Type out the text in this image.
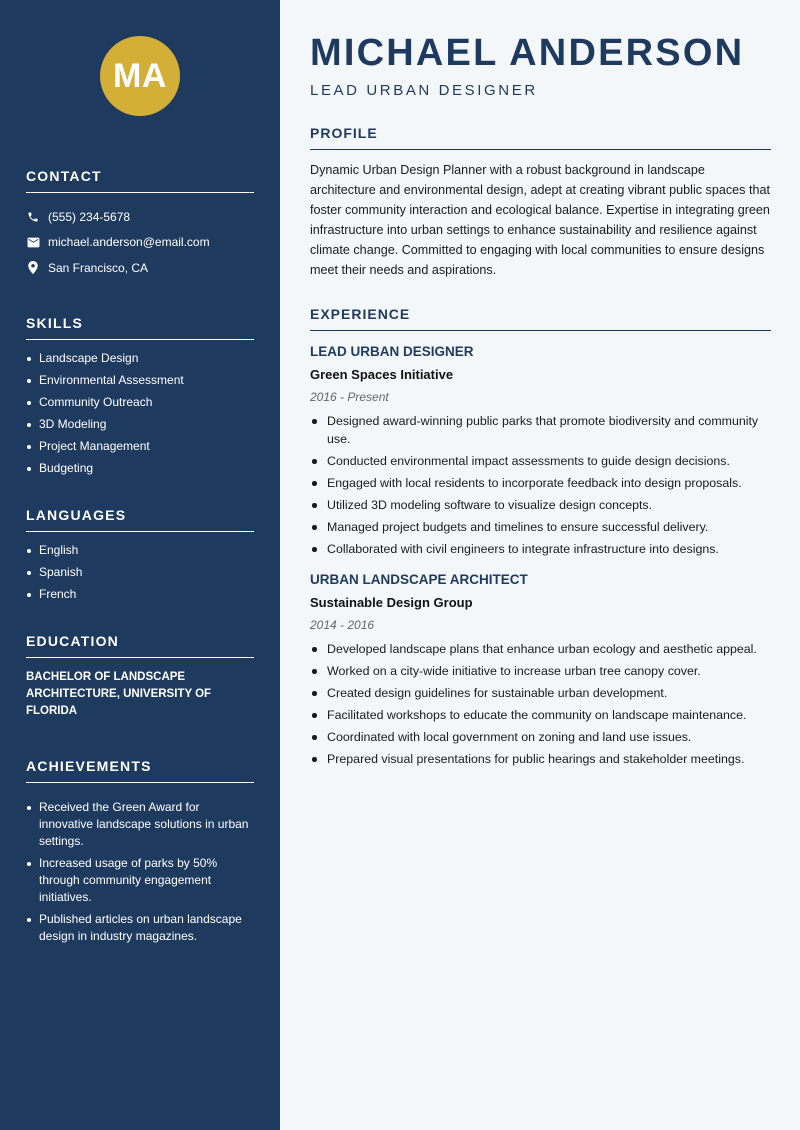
MA
CONTACT
(555) 234-5678
michael.anderson@email.com
San Francisco, CA
SKILLS
Landscape Design
Environmental Assessment
Community Outreach
3D Modeling
Project Management
Budgeting
LANGUAGES
English
Spanish
French
EDUCATION

BACHELOR OF LANDSCAPE ARCHITECTURE, UNIVERSITY OF FLORIDA

ACHIEVEMENTS
Received the Green Award for innovative landscape solutions in urban settings.
Increased usage of parks by 50% through community engagement initiatives.
Published articles on urban landscape design in industry magazines.
MICHAEL ANDERSON
LEAD URBAN DESIGNER
PROFILE

Dynamic Urban Design Planner with a robust background in landscape architecture and environmental design, adept at creating vibrant public spaces that foster community interaction and ecological balance. Expertise in integrating green infrastructure into urban settings to enhance sustainability and resilience against climate change. Committed to engaging with local communities to ensure designs meet their needs and aspirations.

EXPERIENCE
LEAD URBAN DESIGNER
Green Spaces Initiative
2016 - Present
Designed award-winning public parks that promote biodiversity and community use.
Conducted environmental impact assessments to guide design decisions.
Engaged with local residents to incorporate feedback into design proposals.
Utilized 3D modeling software to visualize design concepts.
Managed project budgets and timelines to ensure successful delivery.
Collaborated with civil engineers to integrate infrastructure into designs.
URBAN LANDSCAPE ARCHITECT
Sustainable Design Group
2014 - 2016
Developed landscape plans that enhance urban ecology and aesthetic appeal.
Worked on a city-wide initiative to increase urban tree canopy cover.
Created design guidelines for sustainable urban development.
Facilitated workshops to educate the community on landscape maintenance.
Coordinated with local government on zoning and land use issues.
Prepared visual presentations for public hearings and stakeholder meetings.
